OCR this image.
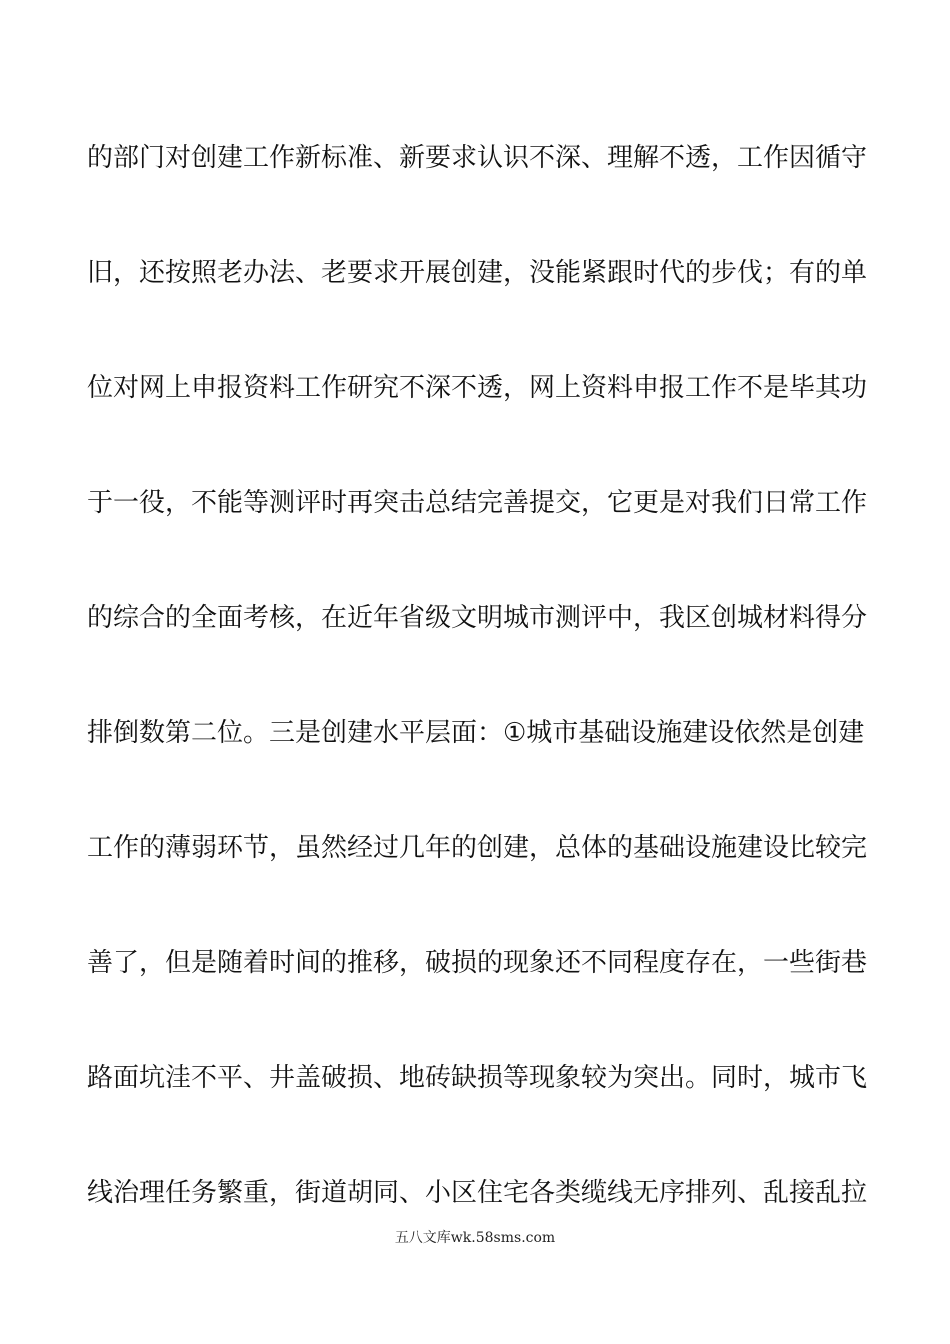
的部门对创建工作新标准、新要求认识不深、理解不透，工作因循守
旧，还按照老办法、老要求开展创建，没能紧跟时代的步伐；有的单
位对网上申报资料工作研究不深不透，网上资料申报工作不是毕其功
于一役，不能等测评时再突击总结完善提交，它更是对我们日常工作
的综合的全面考核，在近年省级文明城市测评中，我区创城材料得分
排倒数第二位。三是创建水平层面：①城市基础设施建设依然是创建
工作的薄弱环节，虽然经过几年的创建，总体的基础设施建设比较完
善了，但是随着时间的推移，破损的现象还不同程度存在，一些街巷
路面坑洼不平、井盖破损、地砖缺损等现象较为突出。同时，城市飞
线治理任务繁重，街道胡同、小区住宅各类缆线无序排列、乱接乱拉
五八文库wk.58sms.com
